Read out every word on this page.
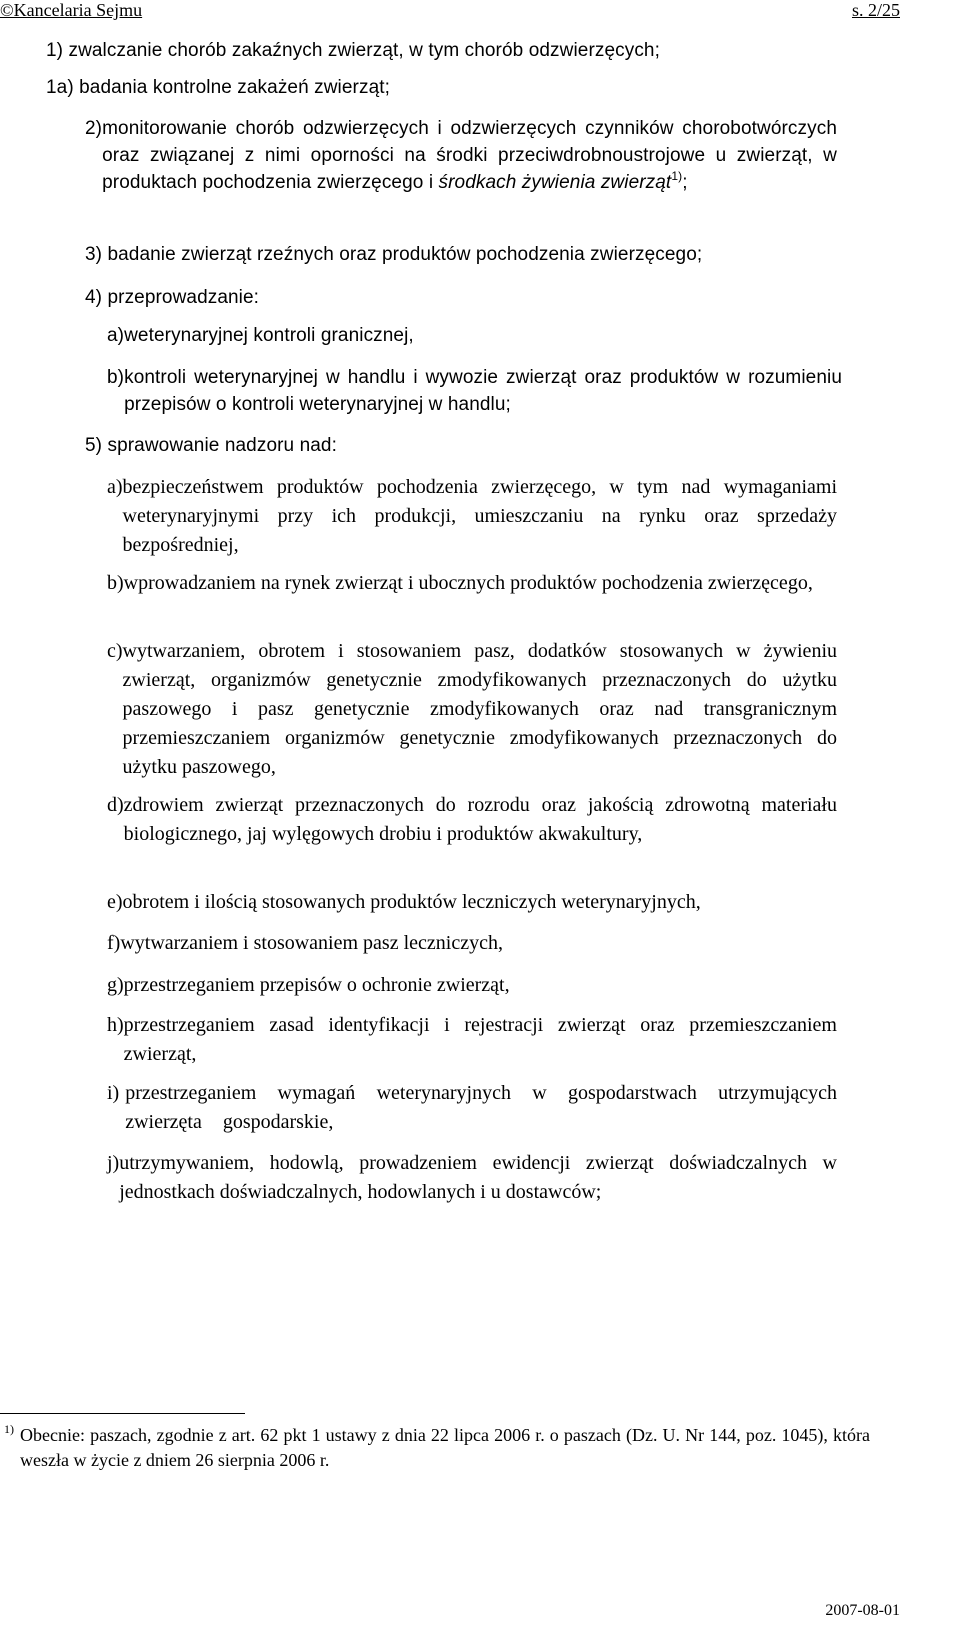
©Kancelaria Sejmu	s. 2/25

1) zwalczanie chorób zakaźnych zwierząt, w tym chorób odzwierzęcych;

1a) badania kontrolne zakażeń zwierząt;

2) monitorowanie chorób odzwierzęcych i odzwierzęcych czynników chorobotwórczych oraz związanej z nimi oporności na środki przeciwdrobnoustrojowe u zwierząt, w produktach pochodzenia zwierzęcego i środkach żywienia zwierząt$^{1)}$;

3) badanie zwierząt rzeźnych oraz produktów pochodzenia zwierzęcego;

4) przeprowadzanie:

a) weterynaryjnej kontroli granicznej,
b) kontroli weterynaryjnej w handlu i wywozie zwierząt oraz produktów w rozumieniu przepisów o kontroli weterynaryjnej w handlu;

5) sprawowanie nadzoru nad:

a) bezpieczeństwem produktów pochodzenia zwierzęcego, w tym nad wymaganiami weterynaryjnymi przy ich produkcji, umieszczaniu na rynku oraz sprzedaży bezpośredniej,
b) wprowadzaniem na rynek zwierząt i ubocznych produktów pochodzenia zwierzęcego,
c) wytwarzaniem, obrotem i stosowaniem pasz, dodatków stosowanych w żywieniu zwierząt, organizmów genetycznie zmodyfikowanych przeznaczonych do użytku paszowego i pasz genetycznie zmodyfikowanych oraz nad transgranicznym przemieszczaniem organizmów genetycznie zmodyfikowanych przeznaczonych do użytku paszowego,
d) zdrowiem zwierząt przeznaczonych do rozrodu oraz jakością zdrowotną materiału biologicznego, jaj wylęgowych drobiu i produktów akwakultury,
e) obrotem i ilością stosowanych produktów leczniczych weterynaryjnych,
f) wytwarzaniem i stosowaniem pasz leczniczych,
g) przestrzeganiem przepisów o ochronie zwierząt,
h) przestrzeganiem zasad identyfikacji i rejestracji zwierząt oraz przemieszczaniem zwierząt,
i) przestrzeganiem wymagań weterynaryjnych w gospodarstwach utrzymujących zwierzęta gospodarskie,
j) utrzymywaniem, hodowlą, prowadzeniem ewidencji zwierząt doświadczalnych w jednostkach doświadczalnych, hodowlanych i u dostawców;
1) Obecnie: paszach, zgodnie z art. 62 pkt 1 ustawy z dnia 22 lipca 2006 r. o paszach (Dz. U. Nr 144, poz. 1045), która weszła w życie z dniem 26 sierpnia 2006 r.
2007-08-01
